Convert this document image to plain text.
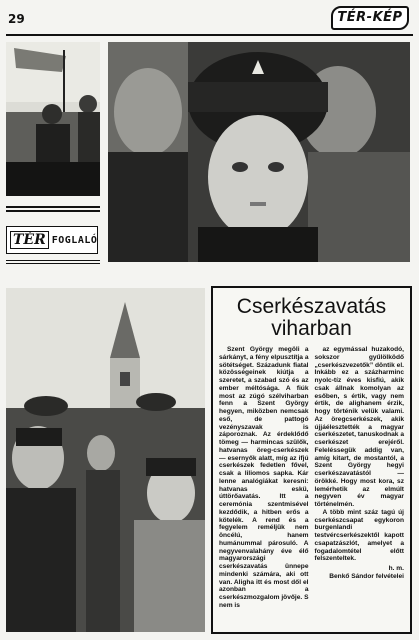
29	TÉR-KÉP
TÉR FOGLALÓ
Cserkészavatás
viharban

Szent György megöli a sárkányt, a fény elpusztítja a sötétséget. Századunk fiatal közösségeinek kiútja a szeretet, a szabad szó és az ember méltósága. A fiúk most az zúgó szélviharban fenn a Szent György hegyen, miközben nemcsak eső, de pattogó vezényszavak is záporoznak. Az érdeklődő tömeg — harmincas szülők, hatvanas öreg-cserkészek — esernyők alatt, míg az ifjú cserkészek fedetlen fővel, csak a liliomos sapka. Kár lenne analógiákat keresni: hatvanas eskü, úttörőavatás. Itt a ceremónia szentmisével kezdődik, a hitben erős a kötelék. A rend és a fegyelem reméljük nem öncélú, hanem humánummal párosuló. A negyvenvalahány éve élő magyarországi cserkészavatás ünnepe mindenki számára, aki ott van. Aligha itt és most dől el azonban a cserkészmozgalom jövője. S nem is

az egymással huzakodó, sokszor gyűlölködő „cserkészvezetők” döntik el. Inkább ez a százharminc nyolc-tíz éves kisfiú, akik csak állnak komolyan az esőben, s értik, vagy nem értik, de alighanem érzik, hogy történik velük valami. Az öregcserkészek, akik újjáélesztették a magyar cserkészetet, tanuskodnak a cserkészet erejéről. Feleléssegük addig van, amíg kitart, de mostantól, a Szent György hegyi cserkészavatástól — örökké. Hogy most kora, sz lemérhetik az elmúlt negyven év magyar történelmén.

A több mint száz tagú új cserkészcsapat egykoron burgenlandi testvércserkészektől kapott csapatzászlót, amelyet a fogadalomtétel előtt felszenteltek.

h. m.

Benkő Sándor felvételei
